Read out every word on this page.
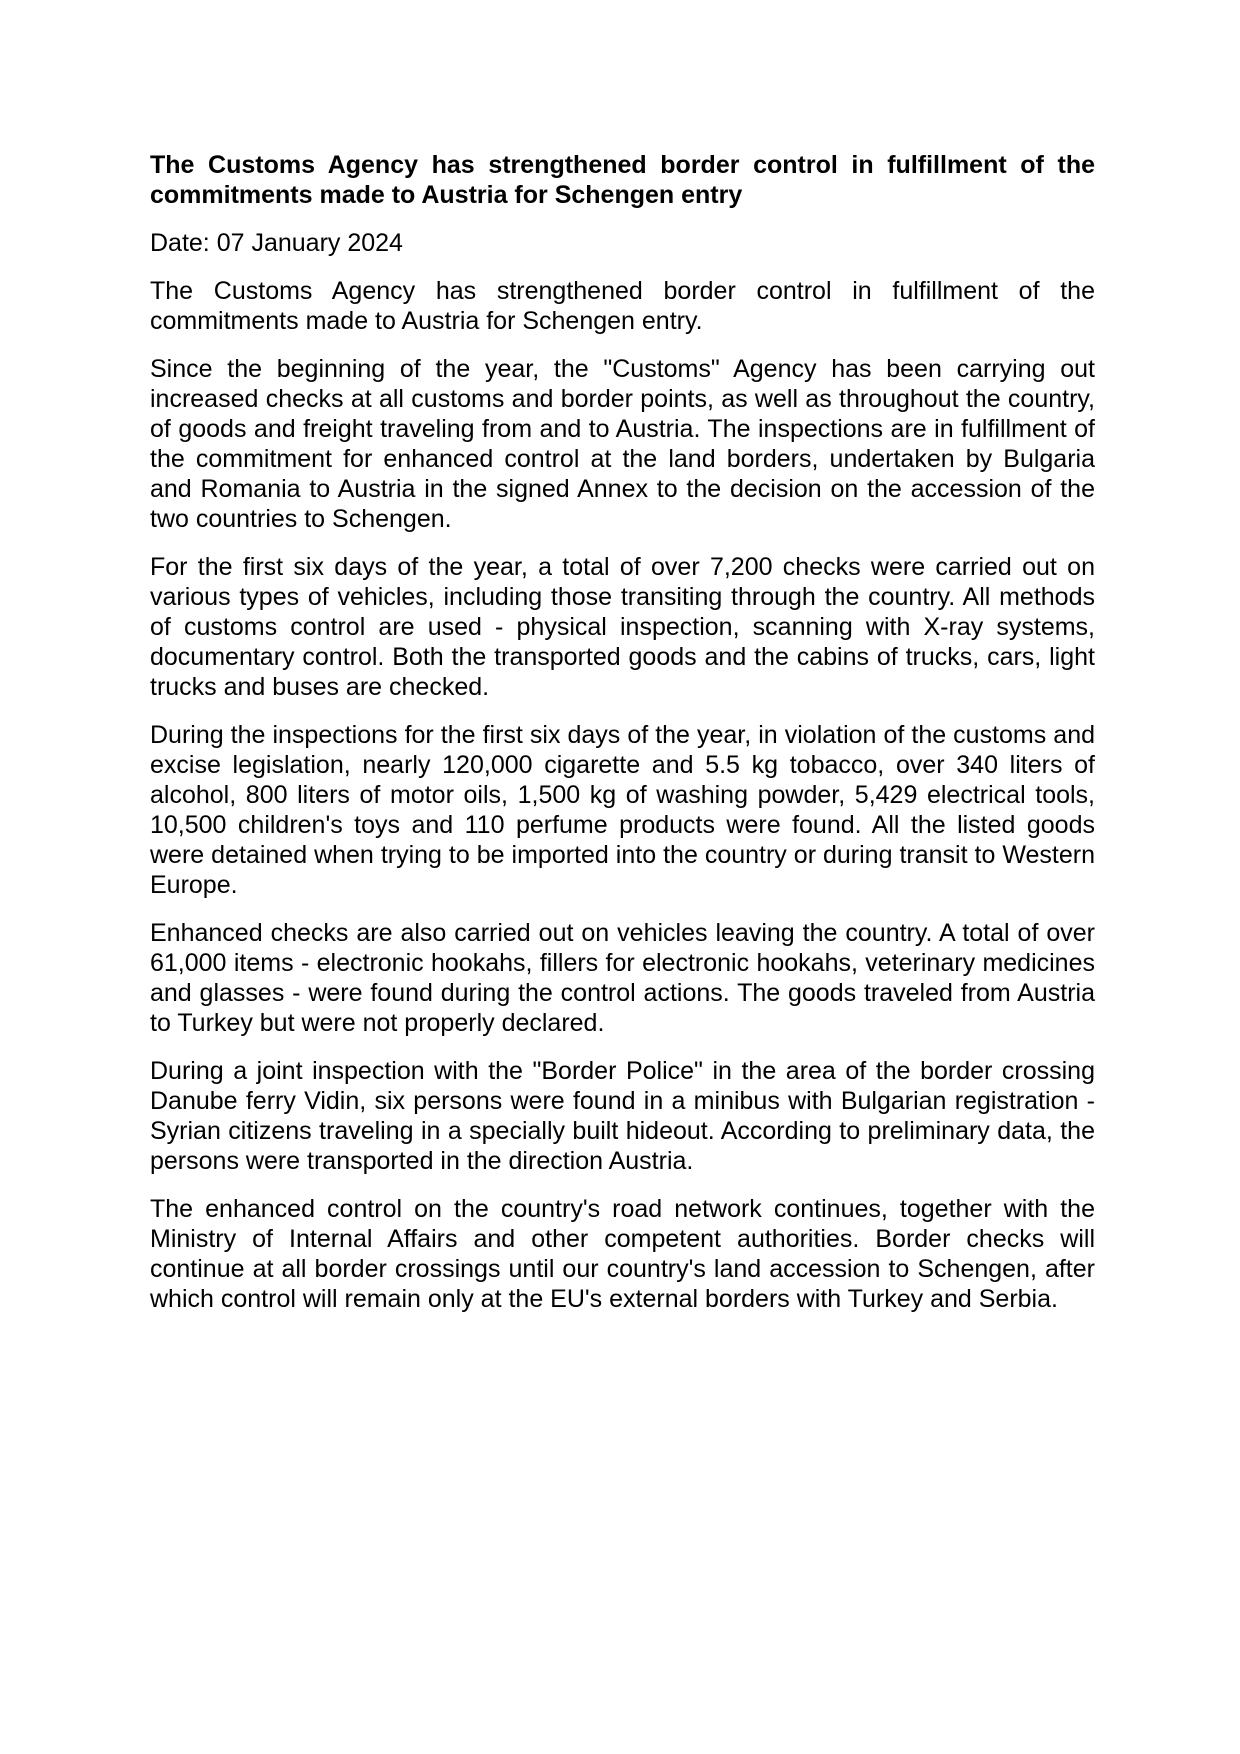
The Customs Agency has strengthened border control in fulfillment of the commitments made to Austria for Schengen entry

Date: 07 January 2024

The Customs Agency has strengthened border control in fulfillment of the commitments made to Austria for Schengen entry.

Since the beginning of the year, the "Customs" Agency has been carrying out increased checks at all customs and border points, as well as throughout the country, of goods and freight traveling from and to Austria. The inspections are in fulfillment of the commitment for enhanced control at the land borders, undertaken by Bulgaria and Romania to Austria in the signed Annex to the decision on the accession of the two countries to Schengen.

For the first six days of the year, a total of over 7,200 checks were carried out on various types of vehicles, including those transiting through the country. All methods of customs control are used - physical inspection, scanning with X-ray systems, documentary control. Both the transported goods and the cabins of trucks, cars, light trucks and buses are checked.

During the inspections for the first six days of the year, in violation of the customs and excise legislation, nearly 120,000 cigarette and 5.5 kg tobacco, over 340 liters of alcohol, 800 liters of motor oils, 1,500 kg of washing powder, 5,429 electrical tools, 10,500 children's toys and 110 perfume products were found. All the listed goods were detained when trying to be imported into the country or during transit to Western Europe.

Enhanced checks are also carried out on vehicles leaving the country. A total of over 61,000 items - electronic hookahs, fillers for electronic hookahs, veterinary medicines and glasses - were found during the control actions. The goods traveled from Austria to Turkey but were not properly declared.

During a joint inspection with the "Border Police" in the area of the border crossing Danube ferry Vidin, six persons were found in a minibus with Bulgarian registration - Syrian citizens traveling in a specially built hideout. According to preliminary data, the persons were transported in the direction Austria.

The enhanced control on the country's road network continues, together with the Ministry of Internal Affairs and other competent authorities. Border checks will continue at all border crossings until our country's land accession to Schengen, after which control will remain only at the EU's external borders with Turkey and Serbia.
